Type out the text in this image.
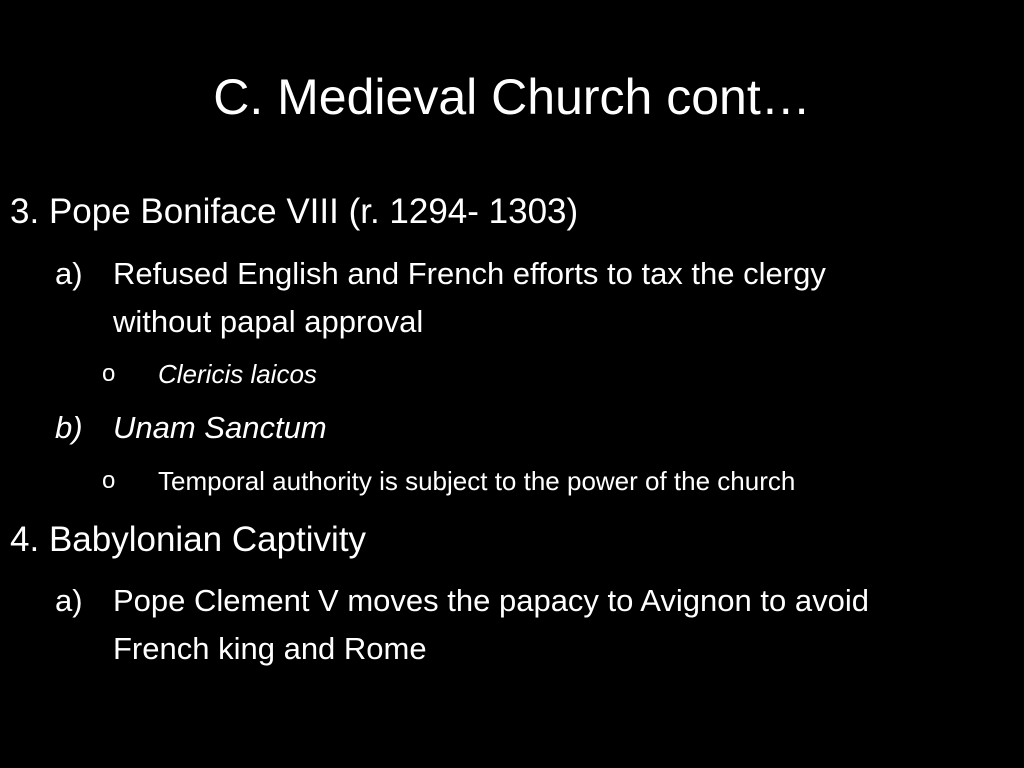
C. Medieval Church cont…
3. Pope Boniface VIII (r. 1294- 1303)
a) Refused English and French efforts to tax the clergy
without papal approval
o Clericis laicos
b) Unam Sanctum
o Temporal authority is subject to the power of the church
4. Babylonian Captivity
a) Pope Clement V moves the papacy to Avignon to avoid
French king and Rome
